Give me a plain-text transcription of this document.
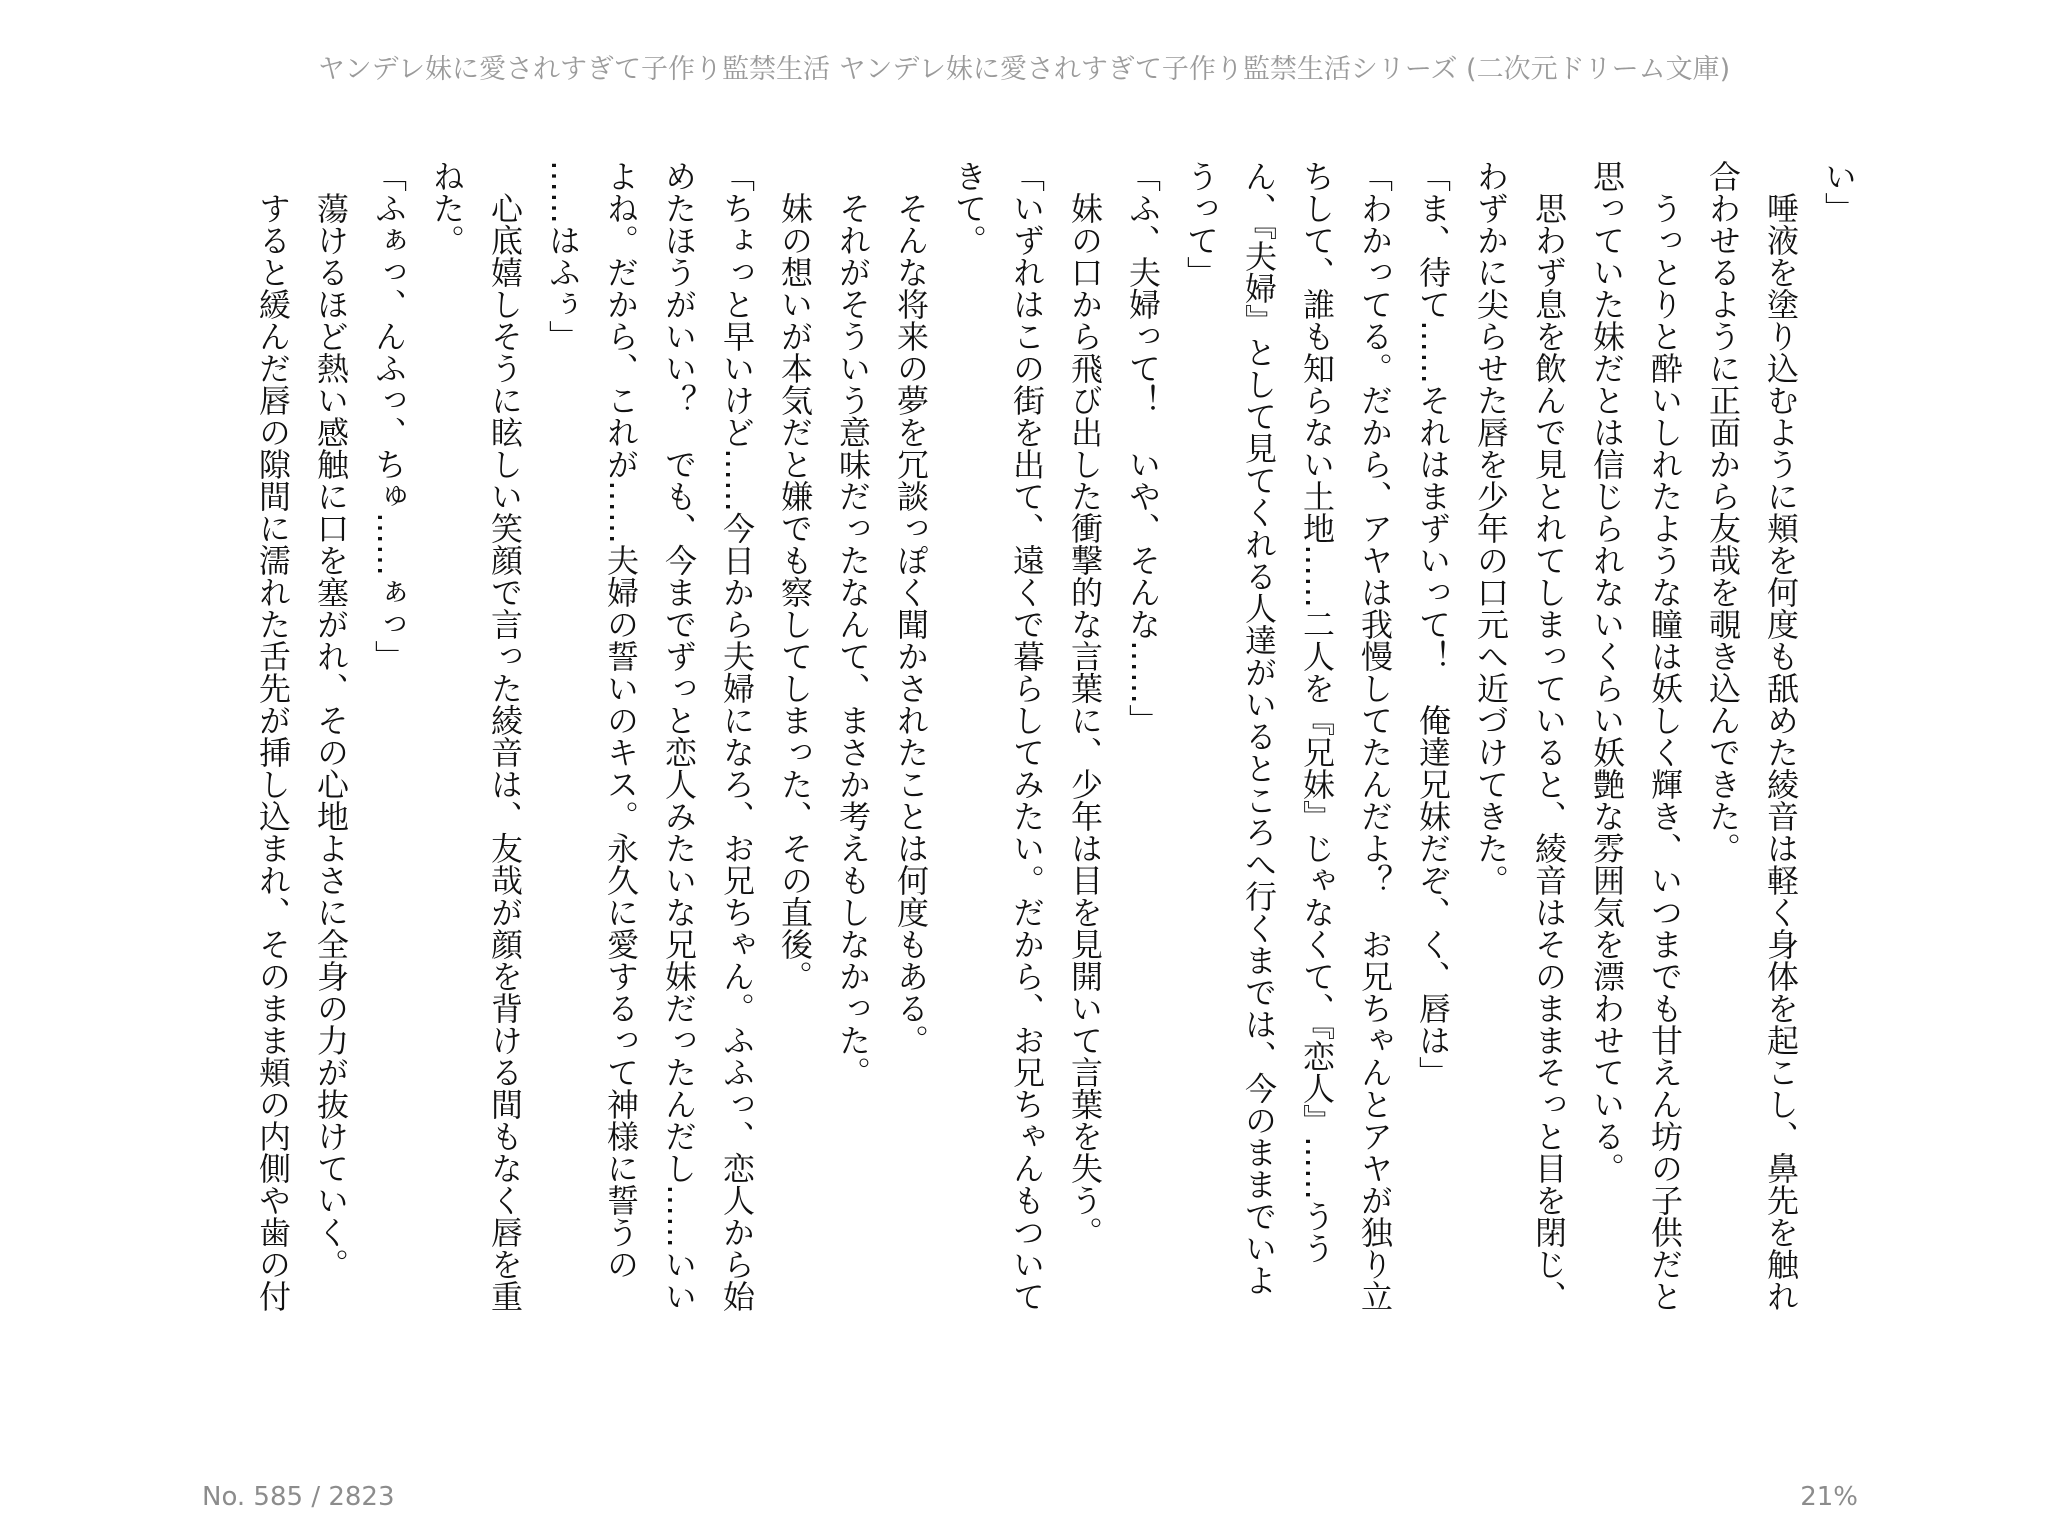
ヤンデレ妹に愛されすぎて子作り監禁生活 ヤンデレ妹に愛されすぎて子作り監禁生活シリーズ (二次元ドリーム文庫)
い」
　唾液を塗り込むように頬を何度も舐めた綾音は軽く身体を起こし、鼻先を触れ
合わせるように正面から友哉を覗き込んできた。
　うっとりと酔いしれたような瞳は妖しく輝き、いつまでも甘えん坊の子供だと
思っていた妹だとは信じられないくらい妖艶な雰囲気を漂わせている。
　思わず息を飲んで見とれてしまっていると、綾音はそのままそっと目を閉じ、
わずかに尖らせた唇を少年の口元へ近づけてきた。
「ま、待て……それはまずいって！　俺達兄妹だぞ、く、唇は」
「わかってる。だから、アヤは我慢してたんだよ？　お兄ちゃんとアヤが独り立
ちして、誰も知らない土地……二人を『兄妹』じゃなくて、『恋人』……うう
ん、『夫婦』として見てくれる人達がいるところへ行くまでは、今のままでいよ
うって」
「ふ、夫婦って！　いや、そんな……」
　妹の口から飛び出した衝撃的な言葉に、少年は目を見開いて言葉を失う。
「いずれはこの街を出て、遠くで暮らしてみたい。だから、お兄ちゃんもついて
きて。
　そんな将来の夢を冗談っぽく聞かされたことは何度もある。
　それがそういう意味だったなんて、まさか考えもしなかった。
　妹の想いが本気だと嫌でも察してしまった、その直後。
「ちょっと早いけど……今日から夫婦になろ、お兄ちゃん。ふふっ、恋人から始
めたほうがいい？　でも、今までずっと恋人みたいな兄妹だったんだし……いい
よね。だから、これが……夫婦の誓いのキス。永久に愛するって神様に誓うの
……はふぅ」
　心底嬉しそうに眩しい笑顔で言った綾音は、友哉が顔を背ける間もなく唇を重
ねた。
「ふぁっ、んふっ、ちゅ……ぁっ」
　蕩けるほど熱い感触に口を塞がれ、その心地よさに全身の力が抜けていく。
　すると緩んだ唇の隙間に濡れた舌先が挿し込まれ、そのまま頬の内側や歯の付
No. 585 / 2823	21%
